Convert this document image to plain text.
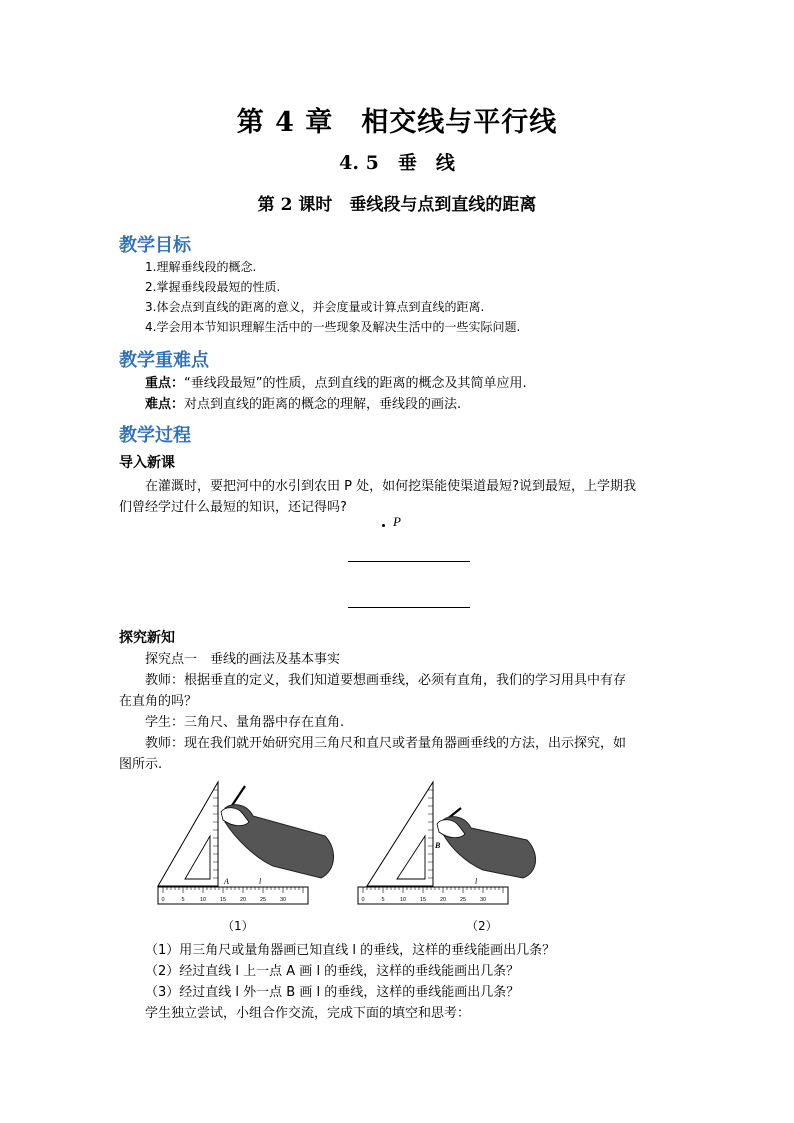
第 4 章　相交线与平行线
4. 5　垂　线
第 2 课时　垂线段与点到直线的距离
教学目标
1.理解垂线段的概念.
2.掌握垂线段最短的性质.
3.体会点到直线的距离的意义，并会度量或计算点到直线的距离.
4.学会用本节知识理解生活中的一些现象及解决生活中的一些实际问题.
教学重难点
重点：“垂线段最短”的性质，点到直线的距离的概念及其简单应用.
难点：对点到直线的距离的概念的理解，垂线段的画法.
教学过程
导入新课
在灌溉时，要把河中的水引到农田 P 处，如何挖渠能使渠道最短?说到最短，上学期我
们曾经学过什么最短的知识，还记得吗?
P
探究新知
探究点一　垂线的画法及基本事实
教师：根据垂直的定义，我们知道要想画垂线，必须有直角，我们的学习用具中有存
在直角的吗？
学生：三角尺、量角器中存在直角.
教师：现在我们就开始研究用三角尺和直尺或者量角器画垂线的方法，出示探究，如
图所示.
0	5	10	15	20	25	30
A	l
0	5	10	15	20	25	30
B
l
（1）	（2）
（1）用三角尺或量角器画已知直线 l 的垂线，这样的垂线能画出几条？
（2）经过直线 l 上一点 A 画 l 的垂线，这样的垂线能画出几条？
（3）经过直线 l 外一点 B 画 l 的垂线，这样的垂线能画出几条？
学生独立尝试，小组合作交流，完成下面的填空和思考：
